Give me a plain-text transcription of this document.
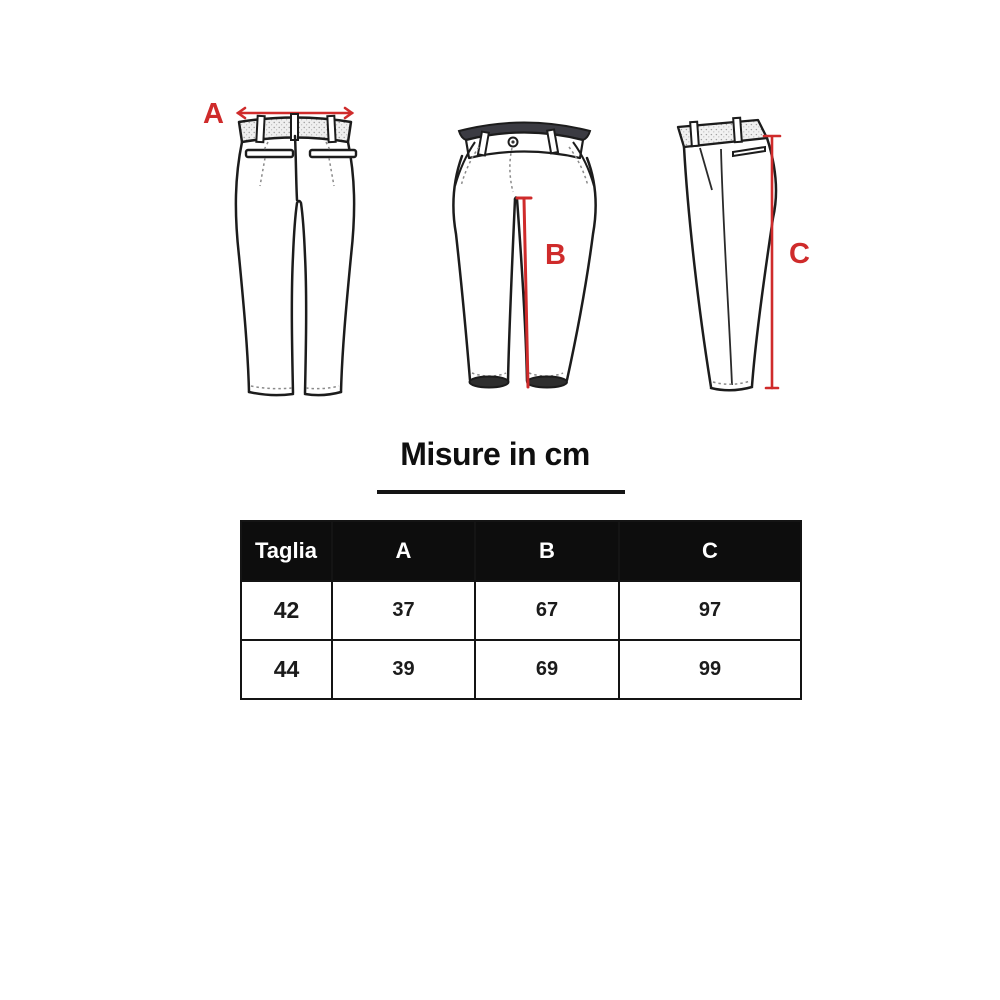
A
B	C
Misure in cm
Taglia	A	B	C
42	37	67	97
44	39	69	99
